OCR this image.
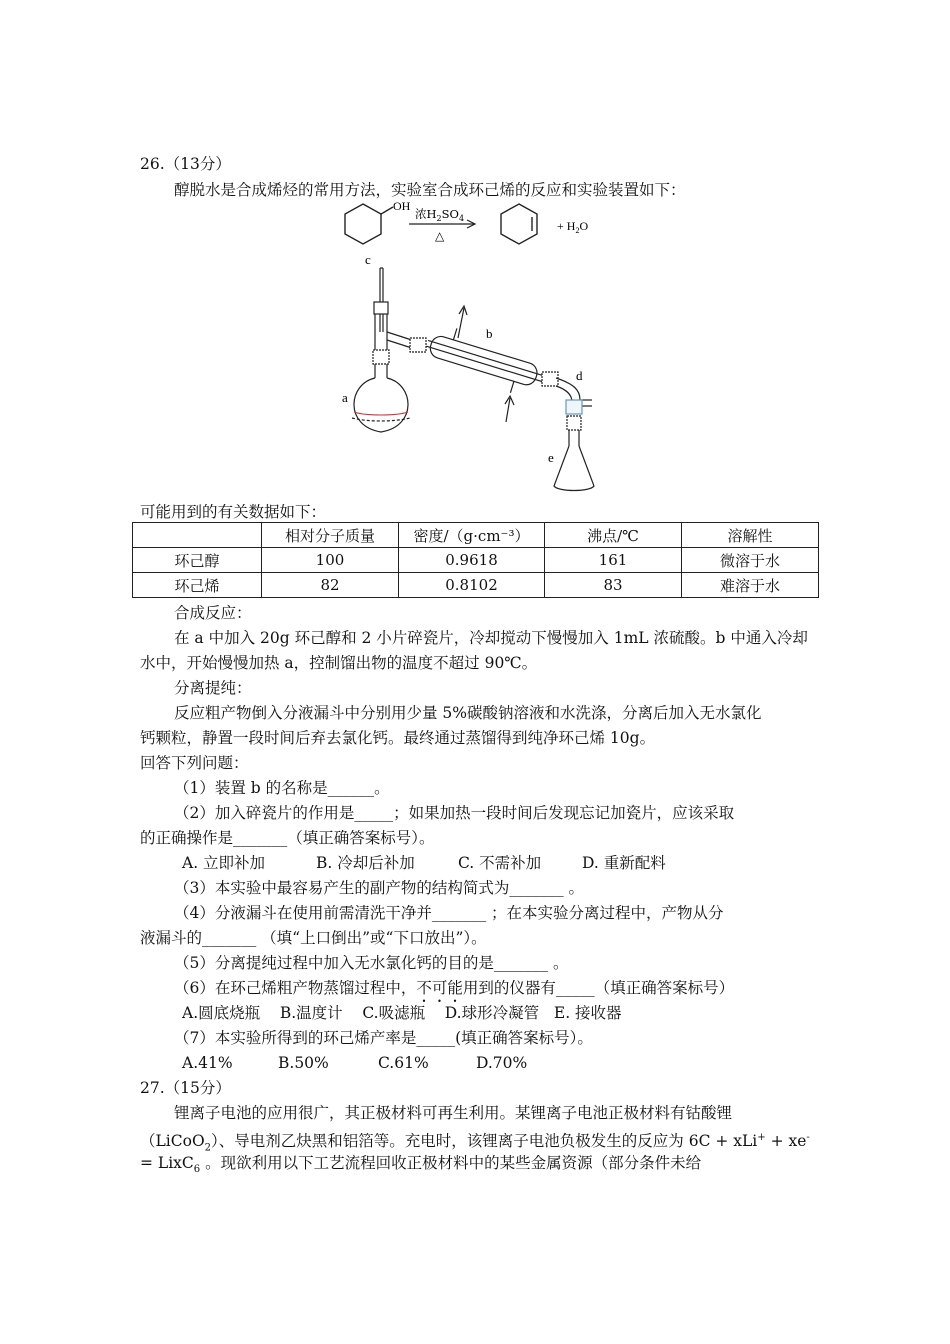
26.（13分）
醇脱水是合成烯烃的常用方法，实验室合成环己烯的反应和实验装置如下：
OH
浓$H_2SO_4$
△
+ $H_2O$
c
a
b
d
e
可能用到的有关数据如下：
	相对分子质量	密度/（g·cm⁻³）	沸点/℃	溶解性
环己醇	100	0.9618	161	微溶于水
环己烯	82	0.8102	83	难溶于水
合成反应：
在 a 中加入 20g 环己醇和 2 小片碎瓷片，冷却搅动下慢慢加入 1mL 浓硫酸。b 中通入冷却
水中，开始慢慢加热 a，控制馏出物的温度不超过 90℃。
分离提纯：
反应粗产物倒入分液漏斗中分别用少量 5%碳酸钠溶液和水洗涤，分离后加入无水氯化
钙颗粒，静置一段时间后弃去氯化钙。最终通过蒸馏得到纯净环己烯 10g。
回答下列问题：
（1）装置 b 的名称是______。
（2）加入碎瓷片的作用是_____；如果加热一段时间后发现忘记加瓷片，应该采取
的正确操作是_______（填正确答案标号）。
A. 立即补加	B. 冷却后补加	C. 不需补加	D. 重新配料
（3）本实验中最容易产生的副产物的结构简式为_______ 。
（4）分液漏斗在使用前需清洗干净并_______ ；在本实验分离过程中，产物从分
液漏斗的_______ （填“上口倒出”或“下口放出”）。
（5）分离提纯过程中加入无水氯化钙的目的是_______ 。
（6）在环己烯粗产物蒸馏过程中，不可能用到的仪器有_____（填正确答案标号）
A.圆底烧瓶    B.温度计    C.吸滤瓶    D.球形冷凝管   E. 接收器
（7）本实验所得到的环己烯产率是_____(填正确答案标号）。
A.41%	B.50%	C.61%	D.70%
27.（15分）
锂离子电池的应用很广，其正极材料可再生利用。某锂离子电池正极材料有钴酸锂
（LiCoO$_2$）、导电剂乙炔黑和铝箔等。充电时，该锂离子电池负极发生的反应为 6C + xLi+ + xe-
= LixC$_6$ 。现欲利用以下工艺流程回收正极材料中的某些金属资源（部分条件未给
